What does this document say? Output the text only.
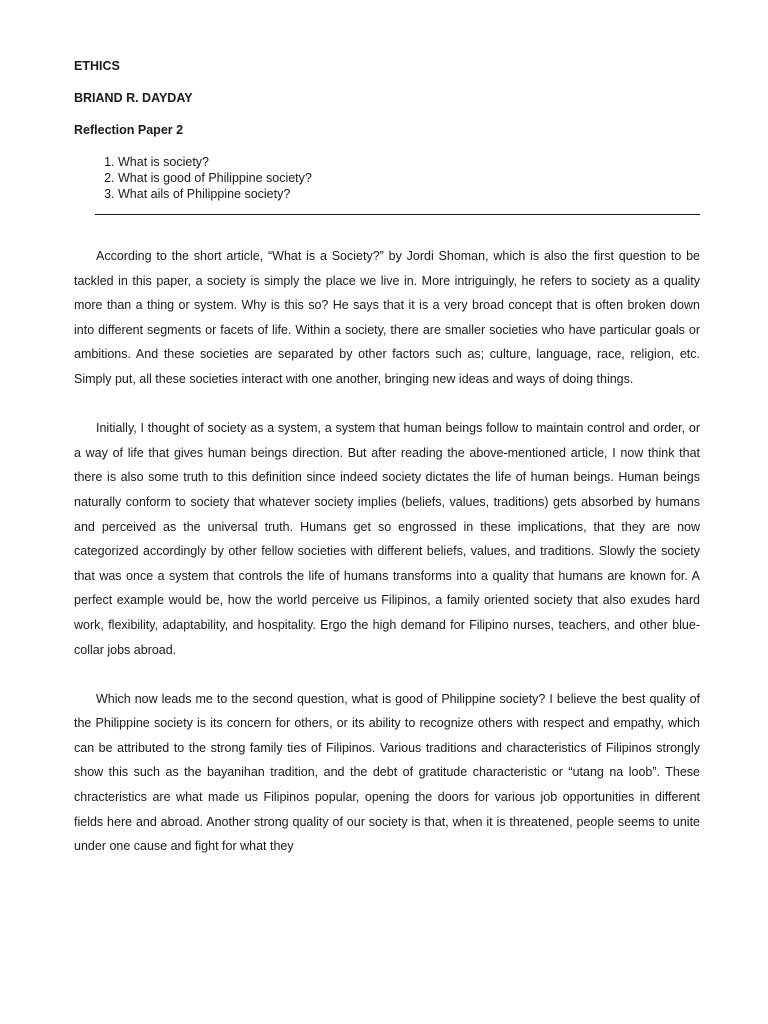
ETHICS
BRIAND R. DAYDAY
Reflection Paper 2
1. What is society?
2. What is good of Philippine society?
3. What ails of Philippine society?

According to the short article, “What is a Society?” by Jordi Shoman, which is also the first question to be tackled in this paper, a society is simply the place we live in. More intriguingly, he refers to society as a quality more than a thing or system. Why is this so? He says that it is a very broad concept that is often broken down into different segments or facets of life. Within a society, there are smaller societies who have particular goals or ambitions. And these societies are separated by other factors such as; culture, language, race, religion, etc. Simply put, all these societies interact with one another, bringing new ideas and ways of doing things.

Initially, I thought of society as a system, a system that human beings follow to maintain control and order, or a way of life that gives human beings direction. But after reading the above-mentioned article, I now think that there is also some truth to this definition since indeed society dictates the life of human beings. Human beings naturally conform to society that whatever society implies (beliefs, values, traditions) gets absorbed by humans and perceived as the universal truth. Humans get so engrossed in these implications, that they are now categorized accordingly by other fellow societies with different beliefs, values, and traditions. Slowly the society that was once a system that controls the life of humans transforms into a quality that humans are known for. A perfect example would be, how the world perceive us Filipinos, a family oriented society that also exudes hard work, flexibility, adaptability, and hospitality. Ergo the high demand for Filipino nurses, teachers, and other blue-collar jobs abroad.

Which now leads me to the second question, what is good of Philippine society? I believe the best quality of the Philippine society is its concern for others, or its ability to recognize others with respect and empathy, which can be attributed to the strong family ties of Filipinos. Various traditions and characteristics of Filipinos strongly show this such as the bayanihan tradition, and the debt of gratitude characteristic or “utang na loob”. These chracteristics are what made us Filipinos popular, opening the doors for various job opportunities in different fields here and abroad. Another strong quality of our society is that, when it is threatened, people seems to unite under one cause and fight for what they
